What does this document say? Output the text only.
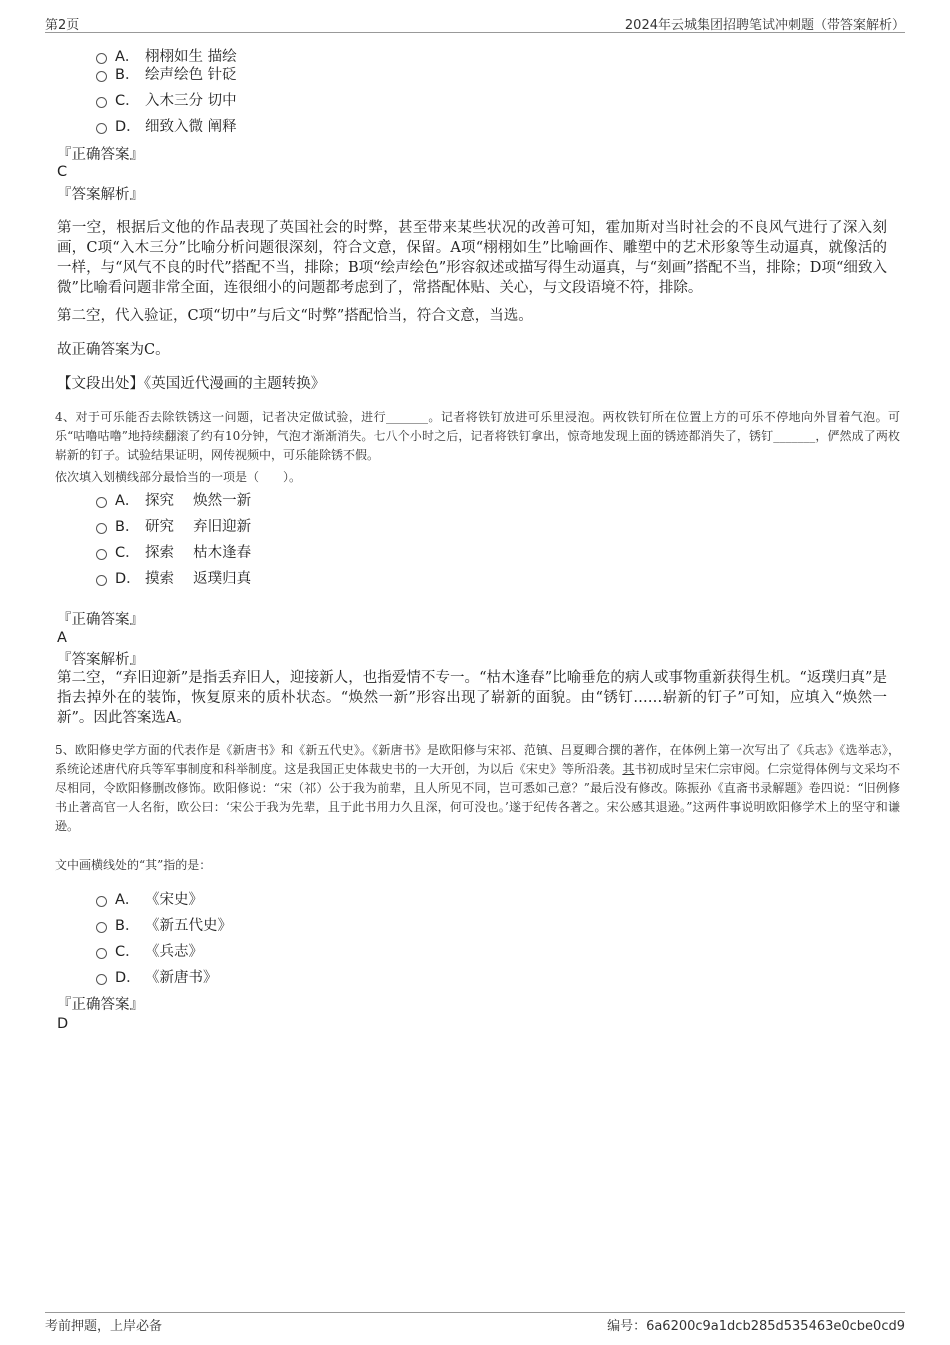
第2页	2024年云城集团招聘笔试冲刺题（带答案解析）
A． 栩栩如生 描绘
B． 绘声绘色 针砭
C． 入木三分 切中
D． 细致入微 阐释
『正确答案』
C
『答案解析』
第一空，根据后文他的作品表现了英国社会的时弊，甚至带来某些状况的改善可知，霍加斯对当时社会的不良风气进行了深入刻画，C项“入木三分”比喻分析问题很深刻，符合文意，保留。A项“栩栩如生”比喻画作、雕塑中的艺术形象等生动逼真，就像活的一样，与“风气不良的时代”搭配不当，排除；B项“绘声绘色”形容叙述或描写得生动逼真，与“刻画”搭配不当，排除；D项“细致入微”比喻看问题非常全面，连很细小的问题都考虑到了，常搭配体贴、关心，与文段语境不符，排除。
第二空，代入验证，C项“切中”与后文“时弊”搭配恰当，符合文意，当选。
故正确答案为C。
【文段出处】《英国近代漫画的主题转换》
4、对于可乐能否去除铁锈这一问题，记者决定做试验，进行_______。记者将铁钉放进可乐里浸泡。两枚铁钉所在位置上方的可乐不停地向外冒着气泡。可乐“咕噜咕噜”地持续翻滚了约有10分钟，气泡才渐渐消失。七八个小时之后，记者将铁钉拿出，惊奇地发现上面的锈迹都消失了，锈钉_______，俨然成了两枚崭新的钉子。试验结果证明，网传视频中，可乐能除锈不假。
依次填入划横线部分最恰当的一项是（　　）。
A． 探究　 焕然一新
B． 研究　 弃旧迎新
C． 探索　 枯木逢春
D． 摸索　 返璞归真
『正确答案』
A
『答案解析』
第二空，“弃旧迎新”是指丢弃旧人，迎接新人，也指爱情不专一。“枯木逢春”比喻垂危的病人或事物重新获得生机。“返璞归真”是指去掉外在的装饰，恢复原来的质朴状态。“焕然一新”形容出现了崭新的面貌。由“锈钉……崭新的钉子”可知，应填入“焕然一新”。因此答案选A。
5、欧阳修史学方面的代表作是《新唐书》和《新五代史》。《新唐书》是欧阳修与宋祁、范镇、吕夏卿合撰的著作，在体例上第一次写出了《兵志》《选举志》，系统论述唐代府兵等军事制度和科举制度。这是我国正史体裁史书的一大开创，为以后《宋史》等所沿袭。其书初成时呈宋仁宗审阅。仁宗觉得体例与文采均不尽相同，令欧阳修删改修饰。欧阳修说：“宋（祁）公于我为前辈，且人所见不同，岂可悉如己意？”最后没有修改。陈振孙《直斋书录解题》卷四说：“旧例修书止著高官一人名衔，欧公曰：‘宋公于我为先辈，且于此书用力久且深，何可没也。’遂于纪传各著之。宋公感其退逊。”这两件事说明欧阳修学术上的坚守和谦逊。
文中画横线处的“其”指的是：
A． 《宋史》
B． 《新五代史》
C． 《兵志》
D． 《新唐书》
『正确答案』
D
考前押题，上岸必备	编号：6a6200c9a1dcb285d535463e0cbe0cd9
